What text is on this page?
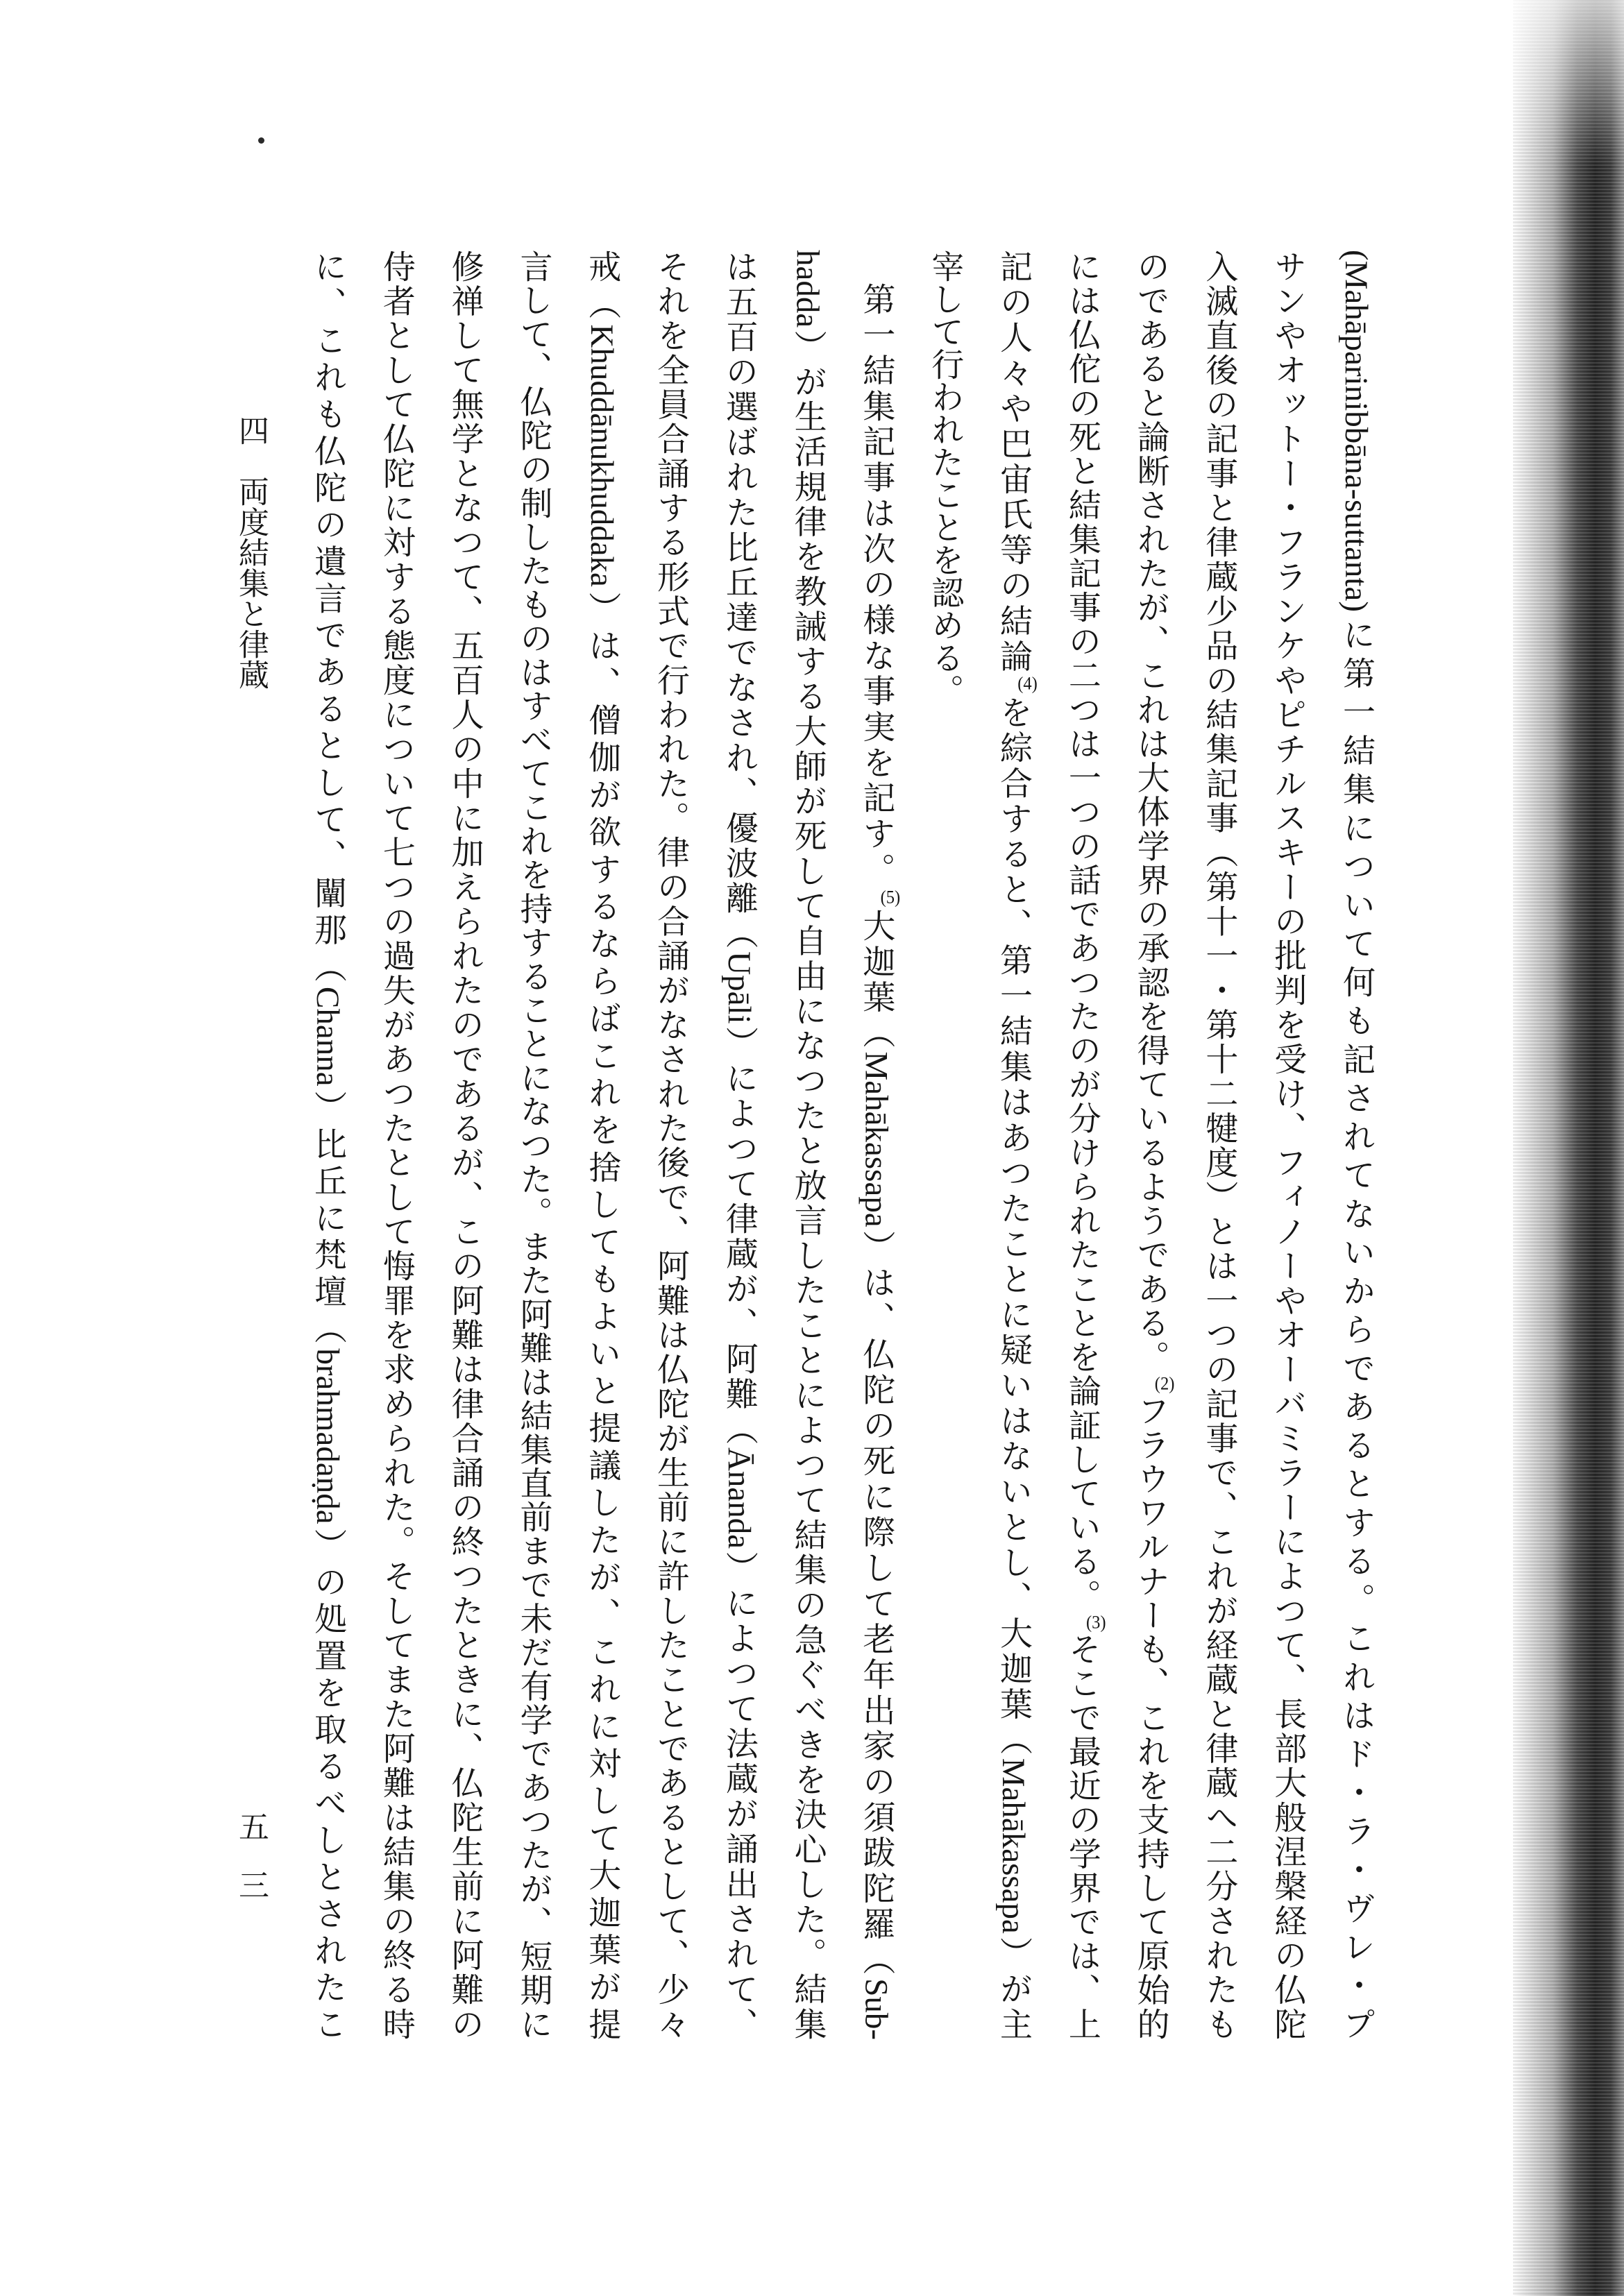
(Mahāparinibbāna-suttanta)に第一結集について何も記されてないからであるとする。これはド・ラ・ヴレ・プ
サンやオットー・フランケやピチルスキーの批判を受け、フィノーやオーバミラーによつて、長部大般涅槃経の仏陀
入滅直後の記事と律蔵少品の結集記事（第十一・第十二犍度）とは一つの記事で、これが経蔵と律蔵へ二分されたも
のであると論断されたが、これは大体学界の承認を得ているようである。(2)フラウワルナーも、これを支持して原始的
には仏佗の死と結集記事の二つは一つの話であつたのが分けられたことを論証している。(3)そこで最近の学界では、上
記の人々や巴宙氏等の結論(4)を綜合すると、第一結集はあつたことに疑いはないとし、大迦葉（Mahākassapa）が主
宰して行われたことを認める。
第一結集記事は次の様な事実を記す。(5)大迦葉（Mahākassapa）は、仏陀の死に際して老年出家の須跋陀羅（Sub-
hadda）が生活規律を教誡する大師が死して自由になつたと放言したことによつて結集の急ぐべきを決心した。結集
は五百の選ばれた比丘達でなされ、優波離（Upāli）によつて律蔵が、阿難（Ānanda）によつて法蔵が誦出されて、
それを全員合誦する形式で行われた。律の合誦がなされた後で、阿難は仏陀が生前に許したことであるとして、少々
戒（Khuddānukhuddaka）は、僧伽が欲するならばこれを捨してもよいと提議したが、これに対して大迦葉が提
言して、仏陀の制したものはすべてこれを持することになつた。また阿難は結集直前まで未だ有学であつたが、短期に
修禅して無学となつて、五百人の中に加えられたのであるが、この阿難は律合誦の終つたときに、仏陀生前に阿難の
侍者として仏陀に対する態度について七つの過失があつたとして悔罪を求められた。そしてまた阿難は結集の終る時
に、これも仏陀の遺言であるとして、闡那（Channa）比丘に梵壇（brahmadaṇḍa）の処置を取るべしとされたこ
四　両度結集と律蔵
五三
